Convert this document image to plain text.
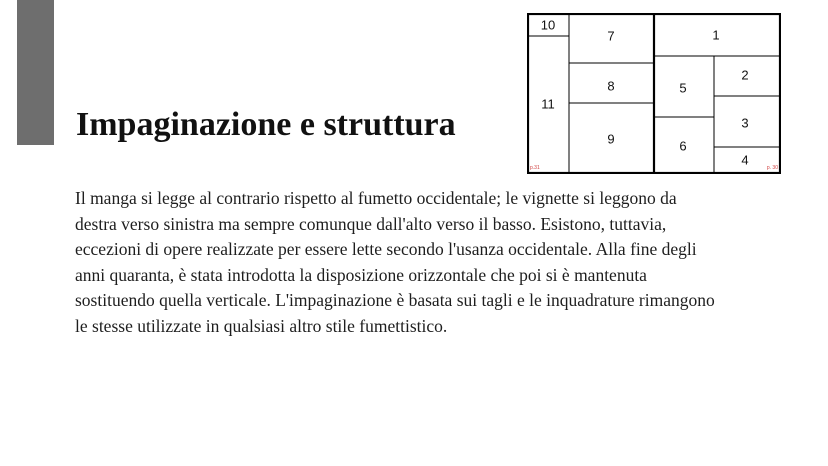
Impaginazione e struttura

Il manga si legge al contrario rispetto al fumetto occidentale; le vignette si leggono da destra verso sinistra ma sempre comunque dall'alto verso il basso. Esistono, tuttavia, eccezioni di opere realizzate per essere lette secondo l'usanza occidentale. Alla fine degli anni quaranta, è stata introdotta la disposizione orizzontale che poi si è mantenuta sostituendo quella verticale. L'impaginazione è basata sui tagli e le inquadrature rimangono le stesse utilizzate in qualsiasi altro stile fumettistico.

10
11
7
8
9
1
2
3
4
5
6
p.31	p. 30
